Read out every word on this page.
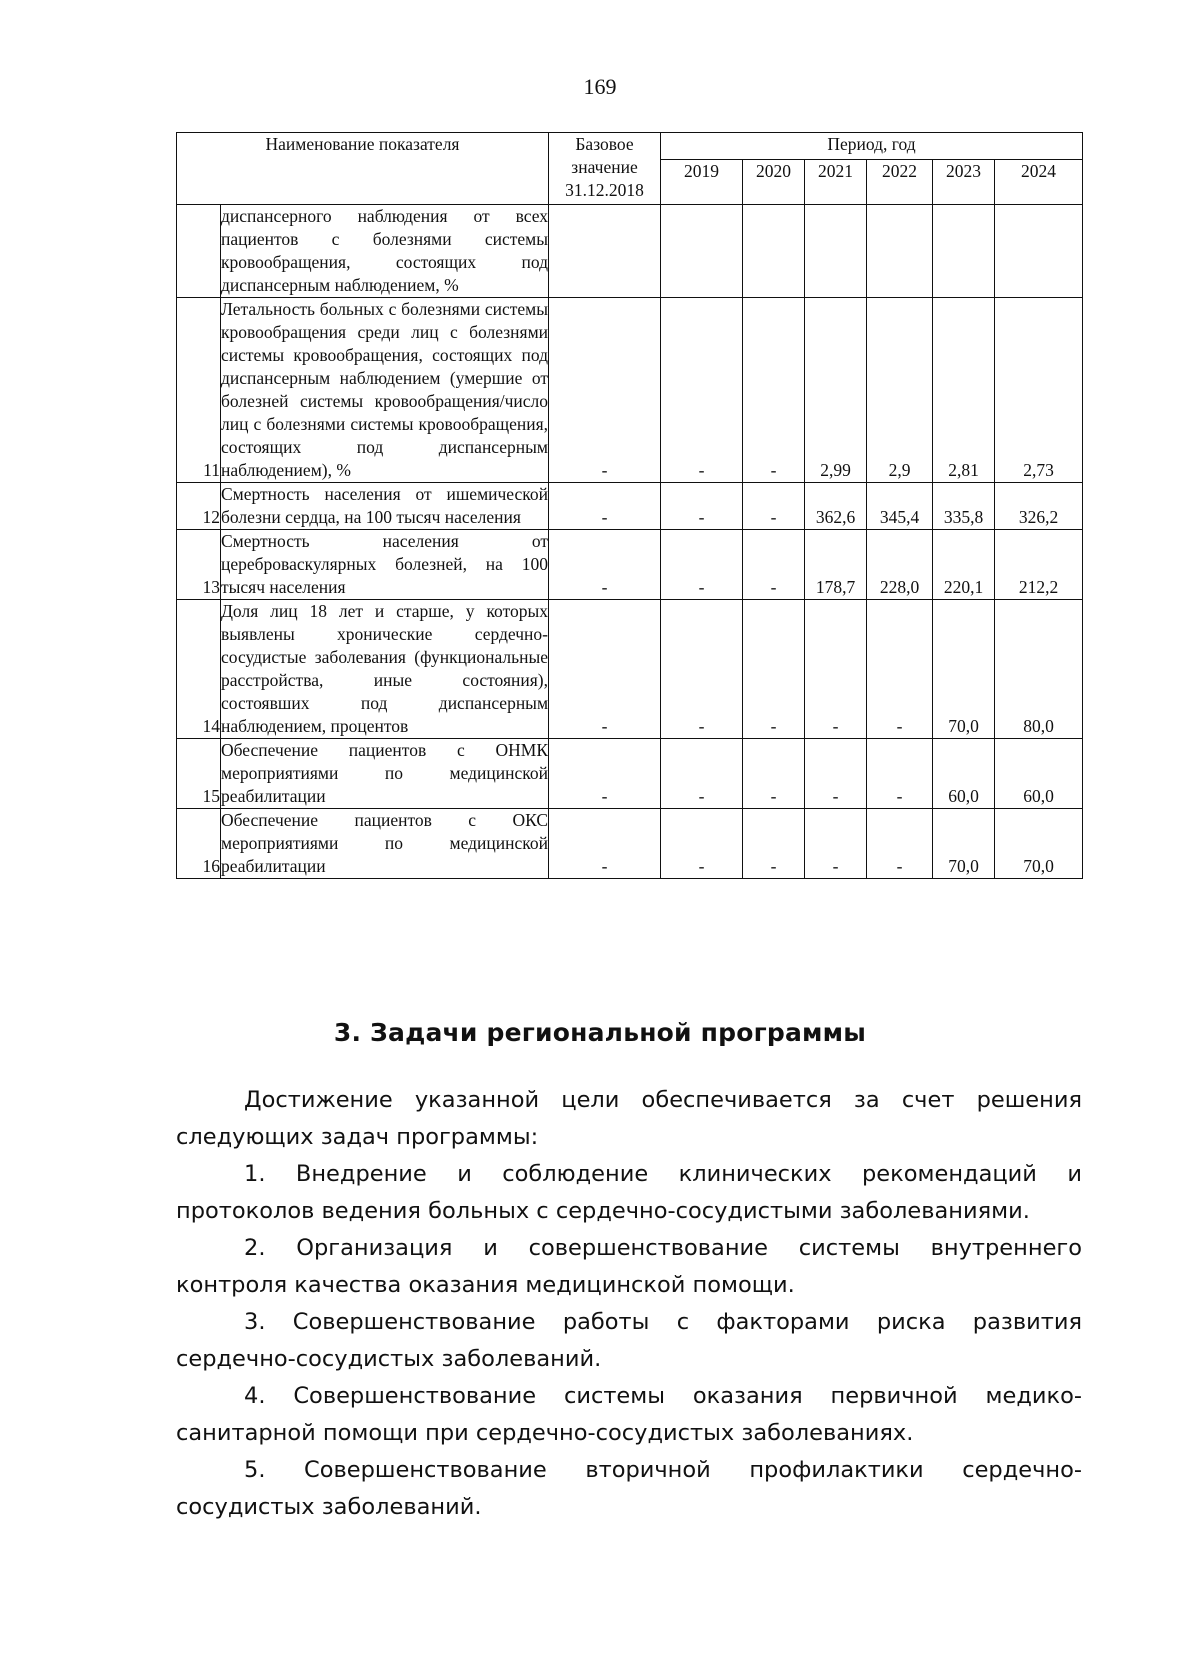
169
Наименование показателя		Базовое
значение
31.12.2018	Период, год					
			2019	2020	2021	2022	2023	2024
	диспансерного наблюдения от всех пациентов с болезнями системы кровообращения, состоящих под диспансерным наблюдением, %							
11	Летальность больных с болезнями системы кровообращения среди лиц с болезнями системы кровообращения, состоящих под диспансерным наблюдением (умершие от болезней системы кровообращения/число лиц с болезнями системы кровообращения, состоящих под диспансерным наблюдением), %	-	-	-	2,99	2,9	2,81	2,73
12	Смертность населения от ишемической болезни сердца, на 100 тысяч населения	-	-	-	362,6	345,4	335,8	326,2
13	Смертность населения от цереброваскулярных болезней, на 100 тысяч населения	-	-	-	178,7	228,0	220,1	212,2
14	Доля лиц 18 лет и старше, у которых выявлены хронические сердечно-сосудистые заболевания (функциональные расстройства, иные состояния), состоявших под диспансерным наблюдением, процентов	-	-	-	-	-	70,0	80,0
15	Обеспечение пациентов с ОНМК мероприятиями по медицинской реабилитации	-	-	-	-	-	60,0	60,0
16	Обеспечение пациентов с ОКС мероприятиями по медицинской реабилитации	-	-	-	-	-	70,0	70,0
3. Задачи региональной программы

Достижение указанной цели обеспечивается за счет решения следующих задач программы:

1. Внедрение и соблюдение клинических рекомендаций и протоколов ведения больных с сердечно-сосудистыми заболеваниями.

2. Организация и совершенствование системы внутреннего контроля качества оказания медицинской помощи.

3. Совершенствование работы с факторами риска развития сердечно-сосудистых заболеваний.

4. Совершенствование системы оказания первичной медико-санитарной помощи при сердечно-сосудистых заболеваниях.

5. Совершенствование вторичной профилактики сердечно-сосудистых заболеваний.
